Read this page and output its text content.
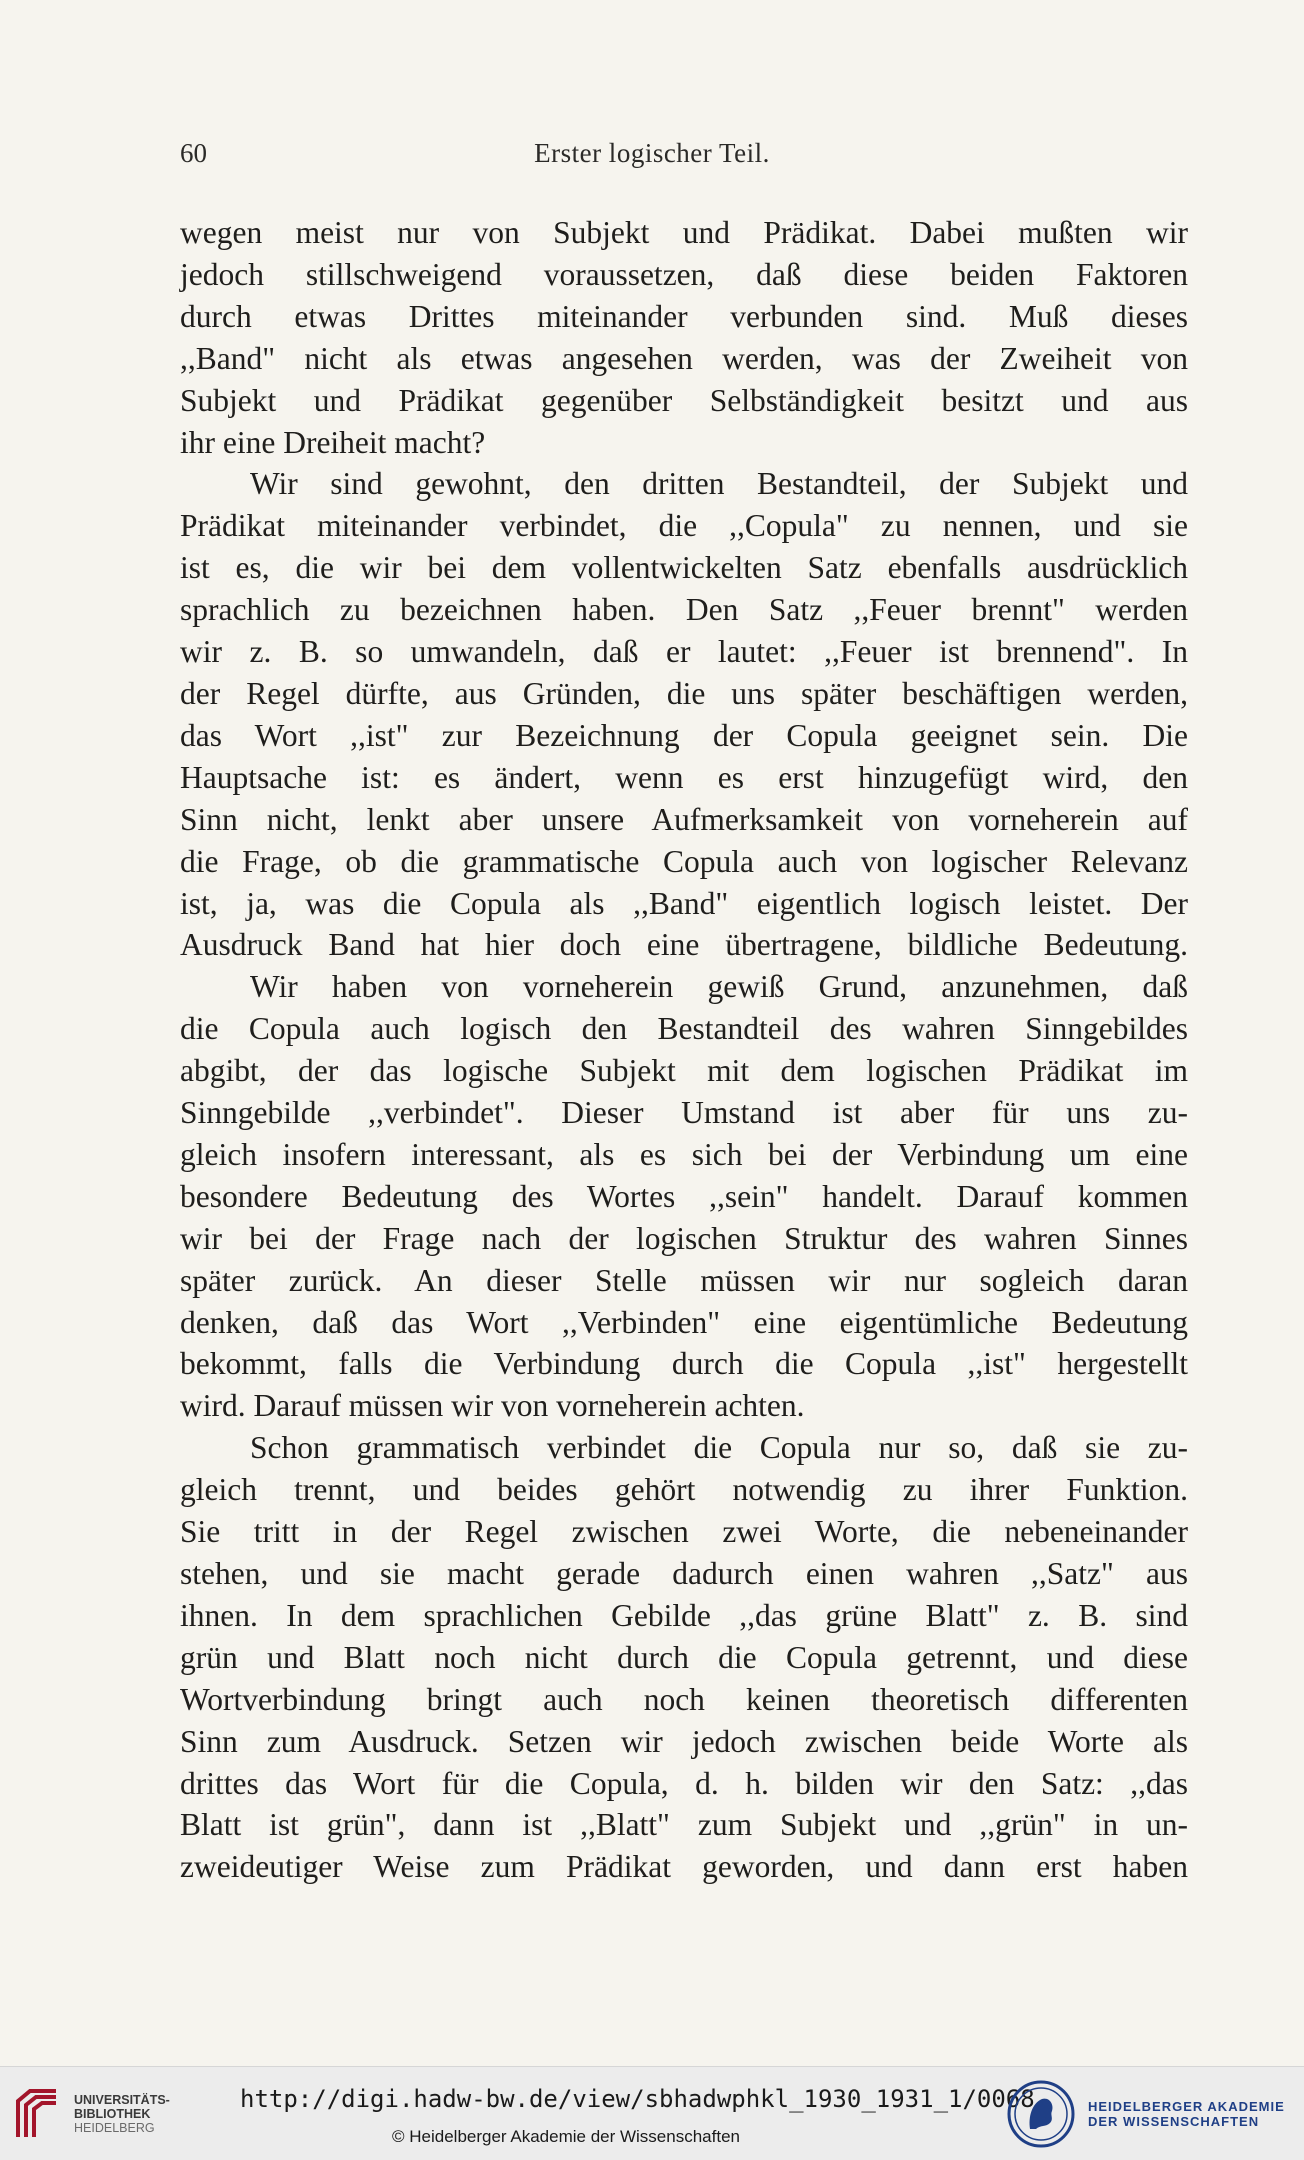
60	Erster logischer Teil.
wegen meist nur von Subjekt und Prädikat. Dabei mußten wir
jedoch stillschweigend voraussetzen, daß diese beiden Faktoren
durch etwas Drittes miteinander verbunden sind. Muß dieses
,,Band" nicht als etwas angesehen werden, was der Zweiheit von
Subjekt und Prädikat gegenüber Selbständigkeit besitzt und aus
ihr eine Dreiheit macht?
Wir sind gewohnt, den dritten Bestandteil, der Subjekt und
Prädikat miteinander verbindet, die ,,Copula" zu nennen, und sie
ist es, die wir bei dem vollentwickelten Satz ebenfalls ausdrücklich
sprachlich zu bezeichnen haben. Den Satz ,,Feuer brennt" werden
wir z. B. so umwandeln, daß er lautet: ,,Feuer ist brennend". In
der Regel dürfte, aus Gründen, die uns später beschäftigen werden,
das Wort ,,ist" zur Bezeichnung der Copula geeignet sein. Die
Hauptsache ist: es ändert, wenn es erst hinzugefügt wird, den
Sinn nicht, lenkt aber unsere Aufmerksamkeit von vorneherein auf
die Frage, ob die grammatische Copula auch von logischer Relevanz
ist, ja, was die Copula als ,,Band" eigentlich logisch leistet. Der
Ausdruck Band hat hier doch eine übertragene, bildliche Bedeutung.
Wir haben von vorneherein gewiß Grund, anzunehmen, daß
die Copula auch logisch den Bestandteil des wahren Sinngebildes
abgibt, der das logische Subjekt mit dem logischen Prädikat im
Sinngebilde ,,verbindet". Dieser Umstand ist aber für uns zu-
gleich insofern interessant, als es sich bei der Verbindung um eine
besondere Bedeutung des Wortes ,,sein" handelt. Darauf kommen
wir bei der Frage nach der logischen Struktur des wahren Sinnes
später zurück. An dieser Stelle müssen wir nur sogleich daran
denken, daß das Wort ,,Verbinden" eine eigentümliche Bedeutung
bekommt, falls die Verbindung durch die Copula ,,ist" hergestellt
wird. Darauf müssen wir von vorneherein achten.
Schon grammatisch verbindet die Copula nur so, daß sie zu-
gleich trennt, und beides gehört notwendig zu ihrer Funktion.
Sie tritt in der Regel zwischen zwei Worte, die nebeneinander
stehen, und sie macht gerade dadurch einen wahren ,,Satz" aus
ihnen. In dem sprachlichen Gebilde ,,das grüne Blatt" z. B. sind
grün und Blatt noch nicht durch die Copula getrennt, und diese
Wortverbindung bringt auch noch keinen theoretisch differenten
Sinn zum Ausdruck. Setzen wir jedoch zwischen beide Worte als
drittes das Wort für die Copula, d. h. bilden wir den Satz: ,,das
Blatt ist grün", dann ist ,,Blatt" zum Subjekt und ,,grün" in un-
zweideutiger Weise zum Prädikat geworden, und dann erst haben
UNIVERSITÄTS-
BIBLIOTHEK
HEIDELBERG
http://digi.hadw-bw.de/view/sbhadwphkl_1930_1931_1/0068
© Heidelberger Akademie der Wissenschaften
HEIDELBERGER AKADEMIE
DER WISSENSCHAFTEN
